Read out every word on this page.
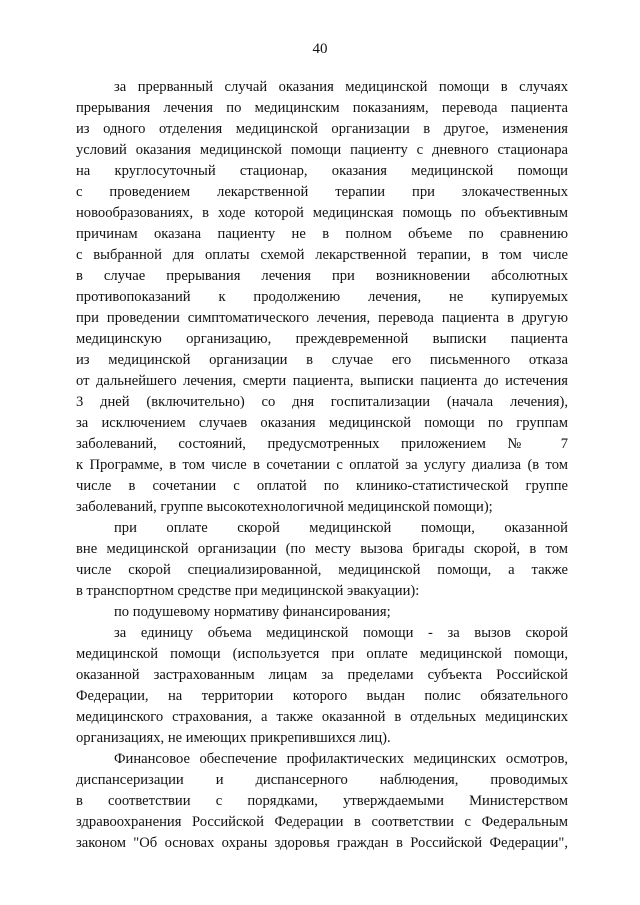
40
за прерванный случай оказания медицинской помощи в случаях
прерывания лечения по медицинским показаниям, перевода пациента
из одного отделения медицинской организации в другое, изменения
условий оказания медицинской помощи пациенту с дневного стационара
на круглосуточный стационар, оказания медицинской помощи
с проведением лекарственной терапии при злокачественных
новообразованиях, в ходе которой медицинская помощь по объективным
причинам оказана пациенту не в полном объеме по сравнению
с выбранной для оплаты схемой лекарственной терапии, в том числе
в случае прерывания лечения при возникновении абсолютных
противопоказаний к продолжению лечения, не купируемых
при проведении симптоматического лечения, перевода пациента в другую
медицинскую организацию, преждевременной выписки пациента
из медицинской организации в случае его письменного отказа
от дальнейшего лечения, смерти пациента, выписки пациента до истечения
3 дней (включительно) со дня госпитализации (начала лечения),
за исключением случаев оказания медицинской помощи по группам
заболеваний, состояний, предусмотренных приложением № 7
к Программе, в том числе в сочетании с оплатой за услугу диализа (в том
числе в сочетании с оплатой по клинико-статистической группе
заболеваний, группе высокотехнологичной медицинской помощи);
при оплате скорой медицинской помощи, оказанной
вне медицинской организации (по месту вызова бригады скорой, в том
числе скорой специализированной, медицинской помощи, а также
в транспортном средстве при медицинской эвакуации):
по подушевому нормативу финансирования;
за единицу объема медицинской помощи - за вызов скорой
медицинской помощи (используется при оплате медицинской помощи,
оказанной застрахованным лицам за пределами субъекта Российской
Федерации, на территории которого выдан полис обязательного
медицинского страхования, а также оказанной в отдельных медицинских
организациях, не имеющих прикрепившихся лиц).
Финансовое обеспечение профилактических медицинских осмотров,
диспансеризации и диспансерного наблюдения, проводимых
в соответствии с порядками, утверждаемыми Министерством
здравоохранения Российской Федерации в соответствии с Федеральным
законом "Об основах охраны здоровья граждан в Российской Федерации",
